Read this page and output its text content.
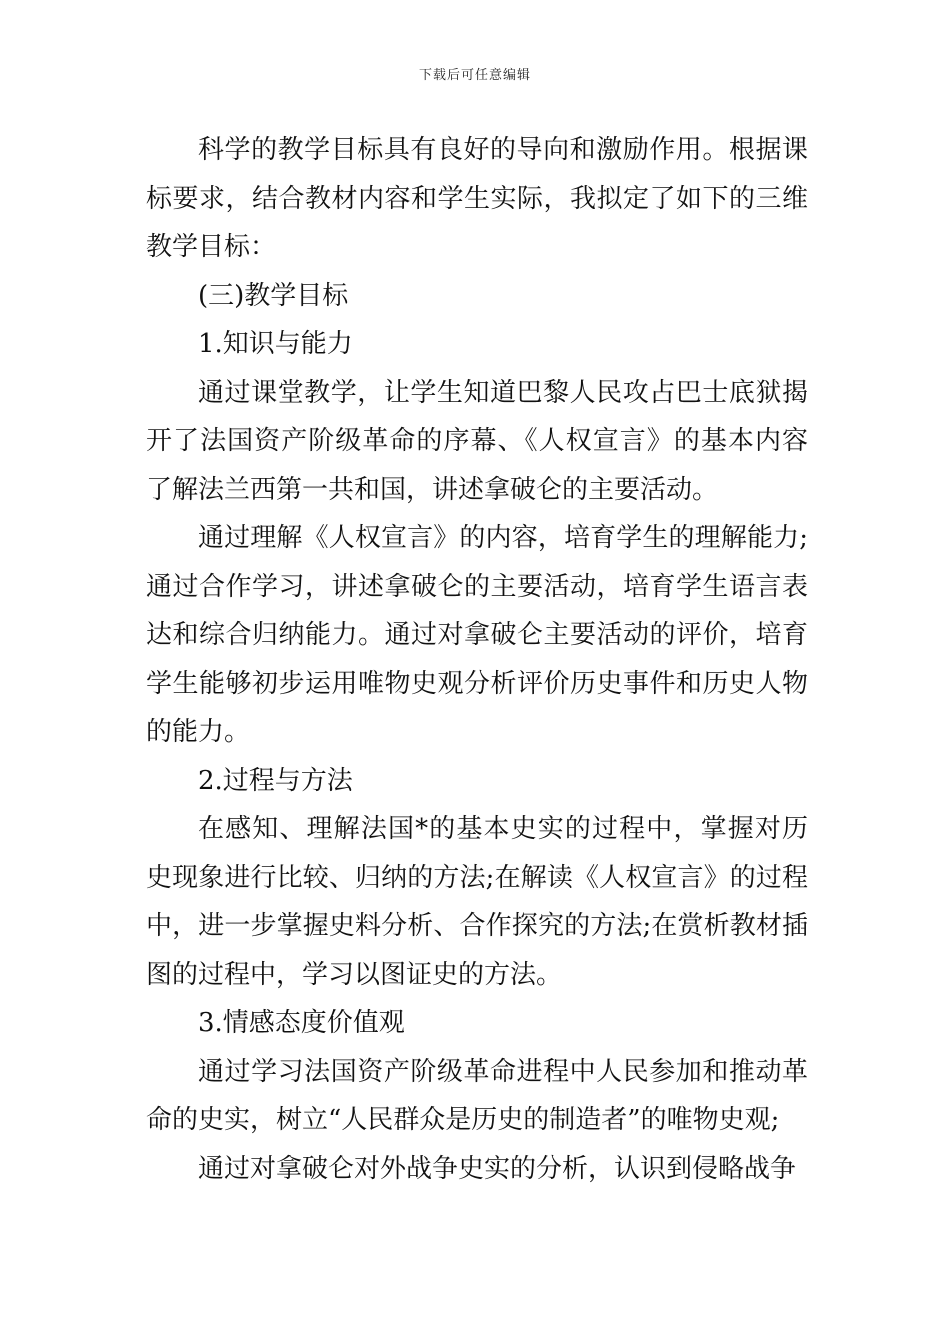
下载后可任意编辑

科学的教学目标具有良好的导向和激励作用。根据课标要求，结合教材内容和学生实际，我拟定了如下的三维教学目标：

(三)教学目标

1.知识与能力

通过课堂教学，让学生知道巴黎人民攻占巴士底狱揭开了法国资产阶级革命的序幕、《人权宣言》的基本内容了解法兰西第一共和国，讲述拿破仑的主要活动。

通过理解《人权宣言》的内容，培育学生的理解能力;通过合作学习，讲述拿破仑的主要活动，培育学生语言表达和综合归纳能力。通过对拿破仑主要活动的评价，培育学生能够初步运用唯物史观分析评价历史事件和历史人物的能力。

2.过程与方法

在感知、理解法国*的基本史实的过程中，掌握对历史现象进行比较、归纳的方法;在解读《人权宣言》的过程中，进一步掌握史料分析、合作探究的方法;在赏析教材插图的过程中，学习以图证史的方法。

3.情感态度价值观

通过学习法国资产阶级革命进程中人民参加和推动革命的史实，树立“人民群众是历史的制造者”的唯物史观;

通过对拿破仑对外战争史实的分析，认识到侵略战争
